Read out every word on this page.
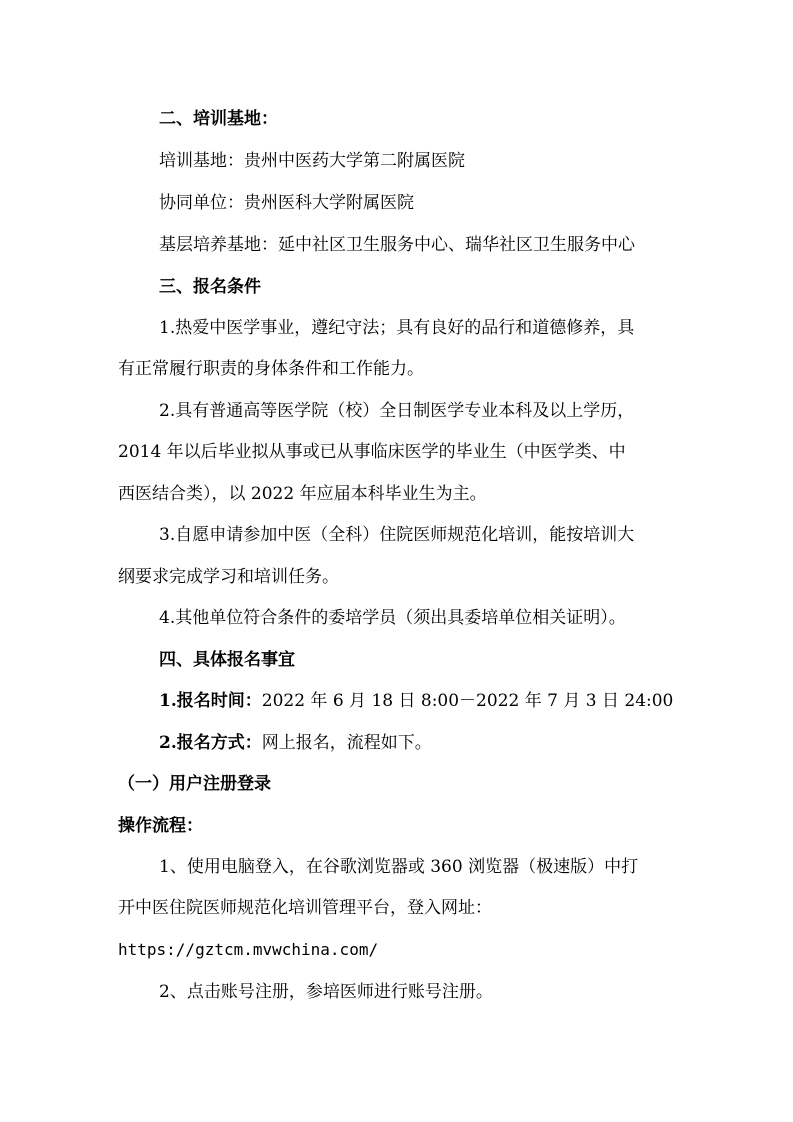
二、培训基地：
培训基地：贵州中医药大学第二附属医院
协同单位：贵州医科大学附属医院
基层培养基地：延中社区卫生服务中心、瑞华社区卫生服务中心
三、报名条件
1.热爱中医学事业，遵纪守法；具有良好的品行和道德修养，具
有正常履行职责的身体条件和工作能力。
2.具有普通高等医学院（校）全日制医学专业本科及以上学历，
2014 年以后毕业拟从事或已从事临床医学的毕业生（中医学类、中
西医结合类），以 2022 年应届本科毕业生为主。
3.自愿申请参加中医（全科）住院医师规范化培训，能按培训大
纲要求完成学习和培训任务。
4.其他单位符合条件的委培学员（须出具委培单位相关证明）。
四、具体报名事宜
1.报名时间：2022 年 6 月 18 日 8:00－2022 年 7 月 3 日 24:00
2.报名方式：网上报名，流程如下。
（一）用户注册登录
操作流程：
1、使用电脑登入，在谷歌浏览器或 360 浏览器（极速版）中打
开中医住院医师规范化培训管理平台，登入网址：
https://gztcm.mvwchina.com/
2、点击账号注册，参培医师进行账号注册。
